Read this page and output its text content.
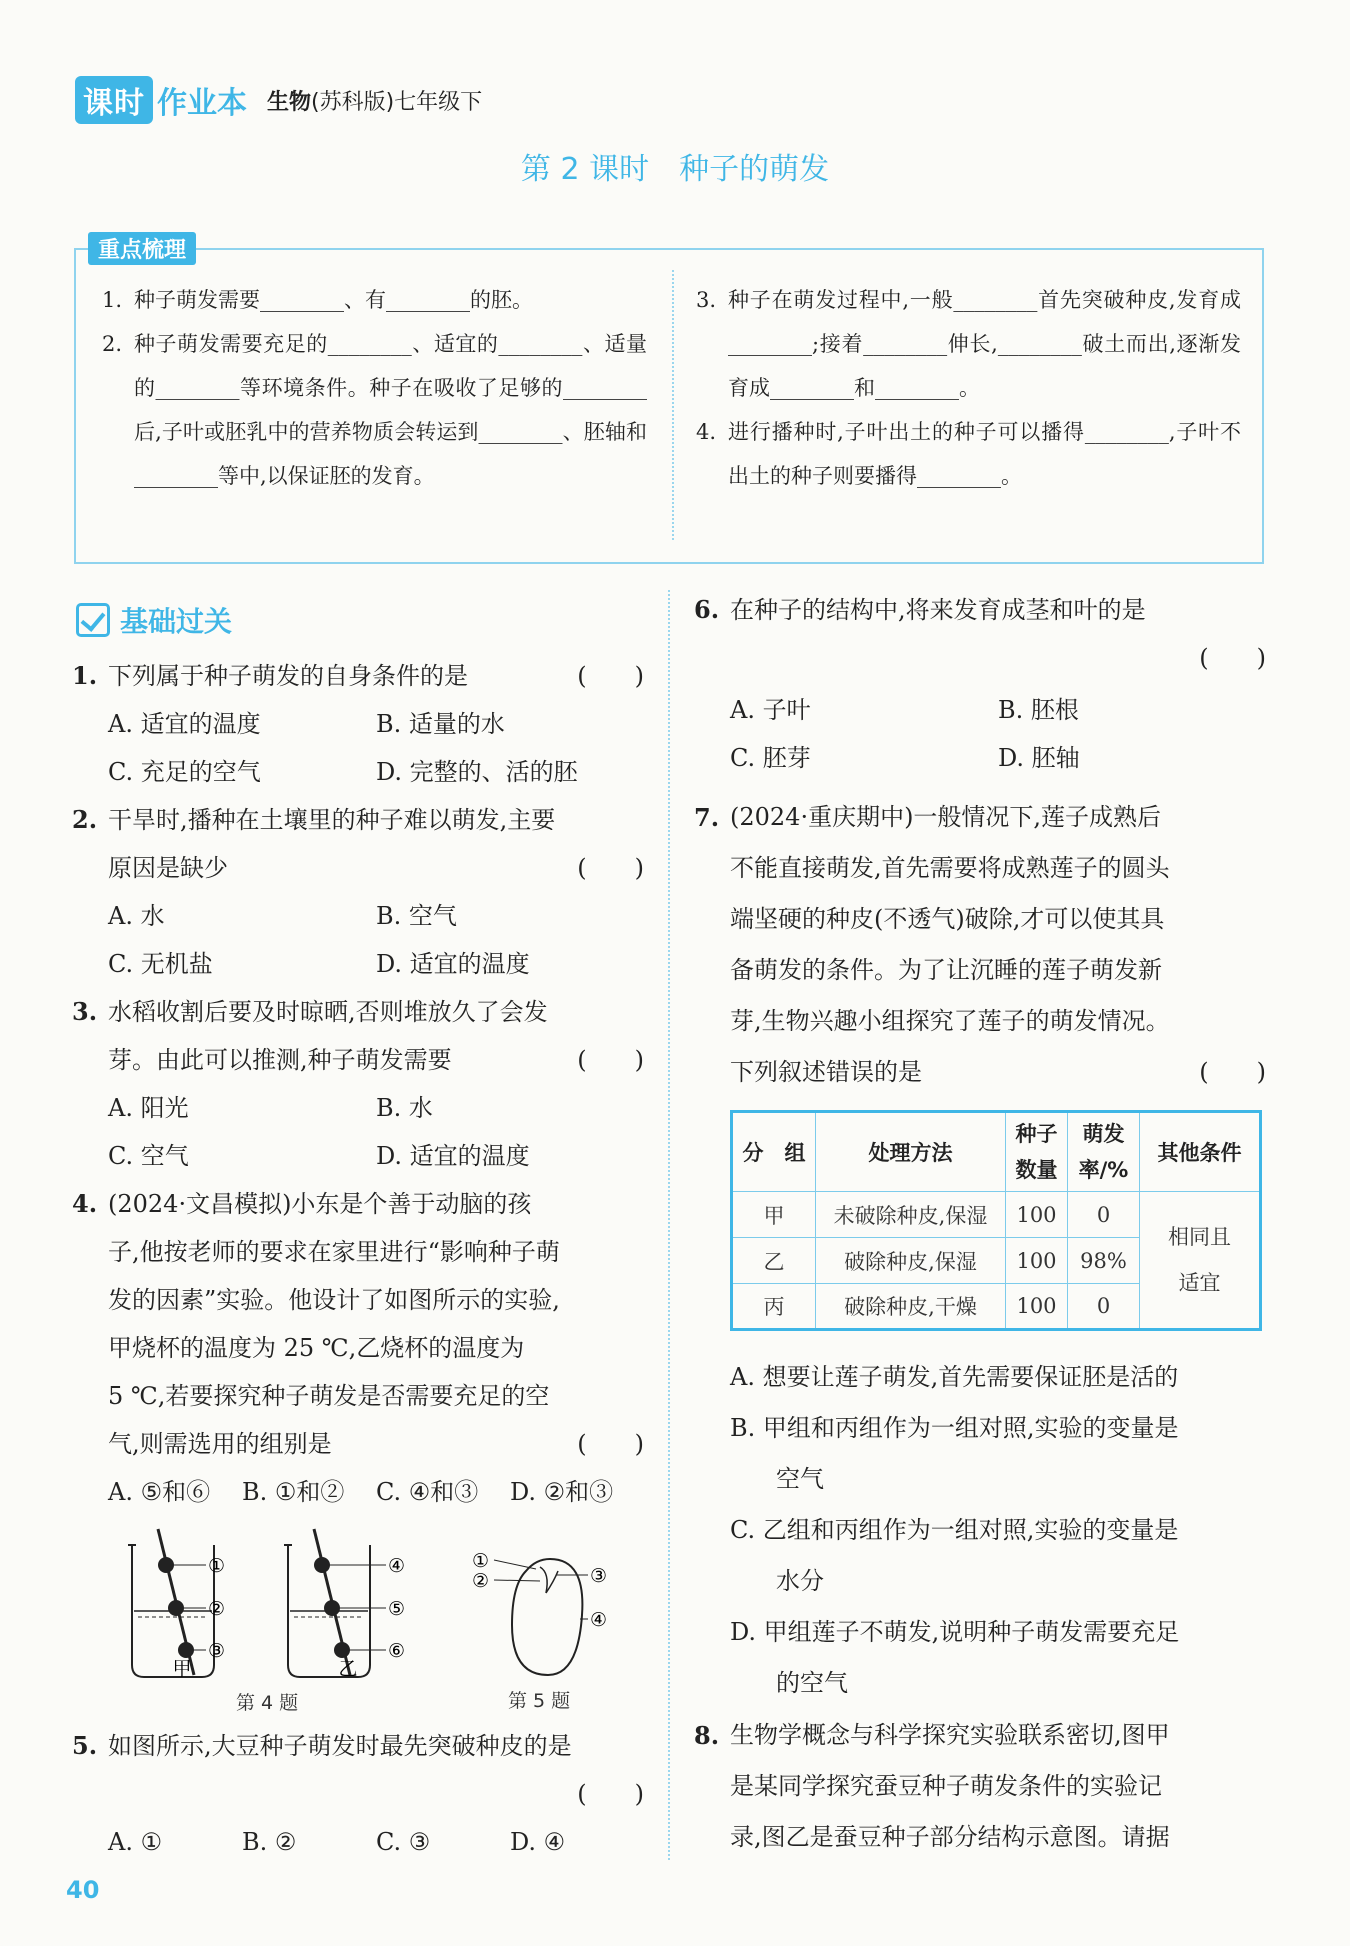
课时 作业本 生物(苏科版)七年级下
第 2 课时　种子的萌发
重点梳理
1. 种子萌发需要________、有________的胚。
2. 种子萌发需要充足的________、适宜的________、适量的________等环境条件。种子在吸收了足够的________后,子叶或胚乳中的营养物质会转运到________、胚轴和________等中,以保证胚的发育。
3. 种子在萌发过程中,一般________首先突破种皮,发育成________;接着________伸长,________破土而出,逐渐发育成________和________。
4. 进行播种时,子叶出土的种子可以播得________,子叶不出土的种子则要播得________。
基础过关
1. 下列属于种子萌发的自身条件的是	(　　)
A. 适宜的温度	B. 适量的水
C. 充足的空气	D. 完整的、活的胚
2. 干旱时,播种在土壤里的种子难以萌发,主要
原因是缺少	(　　)
A. 水	B. 空气
C. 无机盐	D. 适宜的温度
3. 水稻收割后要及时晾晒,否则堆放久了会发
芽。由此可以推测,种子萌发需要	(　　)
A. 阳光	B. 水
C. 空气	D. 适宜的温度
4. (2024·文昌模拟)小东是个善于动脑的孩
子,他按老师的要求在家里进行“影响种子萌
发的因素”实验。他设计了如图所示的实验,
甲烧杯的温度为 25 ℃,乙烧杯的温度为
5 ℃,若要探究种子萌发是否需要充足的空
气,则需选用的组别是	(　　)
A. ⑤和⑥	B. ①和②	C. ④和③	D. ②和③
①
②
③
甲
④
⑤
⑥
乙
①
②	③
④
第 4 题	第 5 题
5. 如图所示,大豆种子萌发时最先突破种皮的是
(　　)
A. ①	B. ②	C. ③	D. ④
6. 在种子的结构中,将来发育成茎和叶的是
(　　)
A. 子叶	B. 胚根
C. 胚芽	D. 胚轴
7. (2024·重庆期中)一般情况下,莲子成熟后
不能直接萌发,首先需要将成熟莲子的圆头
端坚硬的种皮(不透气)破除,才可以使其具
备萌发的条件。为了让沉睡的莲子萌发新
芽,生物兴趣小组探究了莲子的萌发情况。
下列叙述错误的是	(　　)
分　组	处理方法	种子数量	萌发率/%	其他条件
甲	未破除种皮,保湿	100	0	相同且适宜
乙	破除种皮,保湿	100	98%	
丙	破除种皮,干燥	100	0	
A. 想要让莲子萌发,首先需要保证胚是活的
B. 甲组和丙组作为一组对照,实验的变量是
空气
C. 乙组和丙组作为一组对照,实验的变量是
水分
D. 甲组莲子不萌发,说明种子萌发需要充足
的空气
8. 生物学概念与科学探究实验联系密切,图甲
是某同学探究蚕豆种子萌发条件的实验记
录,图乙是蚕豆种子部分结构示意图。请据
40
